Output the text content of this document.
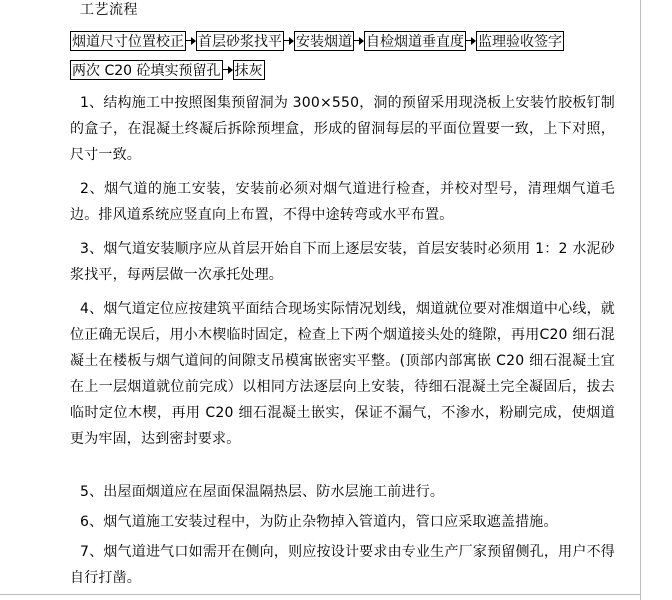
工艺流程
烟道尺寸位置校正 首层砂浆找平 安装烟道 自检烟道垂直度 监理验收签字
两次 C20 砼填实预留孔 抹灰

1、结构施工中按照图集预留洞为 300×550，洞的预留采用现浇板上安装竹胶板钉制的盒子，在混凝土终凝后拆除预埋盒，形成的留洞每层的平面位置要一致，上下对照，尺寸一致。

2、烟气道的施工安装，安装前必须对烟气道进行检查，并校对型号，清理烟气道毛边。排风道系统应竖直向上布置，不得中途转弯或水平布置。

3、烟气道安装顺序应从首层开始自下而上逐层安装，首层安装时必须用 1：2 水泥砂浆找平，每两层做一次承托处理。

4、烟气道定位应按建筑平面结合现场实际情况划线，烟道就位要对准烟道中心线，就位正确无误后，用小木楔临时固定，检查上下两个烟道接头处的缝隙，再用C20 细石混凝土在楼板与烟气道间的间隙支吊模寓嵌密实平整。(顶部内部寓嵌 C20 细石混凝土宜在上一层烟道就位前完成）以相同方法逐层向上安装，待细石混凝土完全凝固后，拔去临时定位木楔，再用 C20 细石混凝土嵌实，保证不漏气，不渗水，粉刷完成，使烟道更为牢固，达到密封要求。

5、出屋面烟道应在屋面保温隔热层、防水层施工前进行。

6、烟气道施工安装过程中，为防止杂物掉入管道内，管口应采取遮盖措施。

7、烟气道进气口如需开在侧向，则应按设计要求由专业生产厂家预留侧孔，用户不得自行打凿。
